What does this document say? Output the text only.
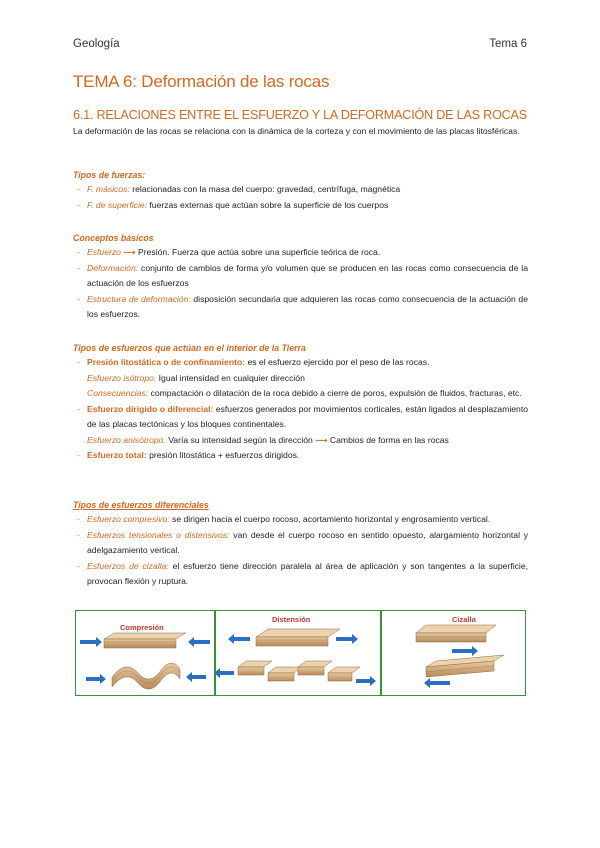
Geología	Tema 6
TEMA 6: Deformación de las rocas
6.1. RELACIONES ENTRE EL ESFUERZO Y LA DEFORMACIÓN DE LAS ROCAS
La deformación de las rocas se relaciona con la dinámica de la corteza y con el movimiento de las placas litosféricas.
Tipos de fuerzas:
- F. másicos: relacionadas con la masa del cuerpo: gravedad, centrífuga, magnética
- F. de superficie: fuerzas externas que actúan sobre la superficie de los cuerpos
Conceptos básicos
- Esfuerzo ⟶ Presión. Fuerza que actúa sobre una superficie teórica de roca.
- Deformación: conjunto de cambios de forma y/o volumen que se producen en las rocas como consecuencia de la actuación de los esfuerzos
- Estructura de deformación: disposición secundaria que adquieren las rocas como consecuencia de la actuación de los esfuerzos.
Tipos de esfuerzos que actúan en el interior de la Tierra
- Presión litostática o de confinamiento: es el esfuerzo ejercido por el peso de las rocas.
Esfuerzo isótropo. Igual intensidad en cualquier dirección
Consecuencias: compactación o dilatación de la roca debido a cierre de poros, expulsión de fluidos, fracturas, etc.
- Esfuerzo dirigido o diferencial: esfuerzos generados por movimientos corticales, están ligados al desplazamiento de las placas tectónicas y los bloques continentales.
Esfuerzo anisótropo. Varía su intensidad según la dirección ⟶ Cambios de forma en las rocas
- Esfuerzo total: presión litostática + esfuerzos dirigidos.
Tipos de esfuerzos diferenciales
- Esfuerzo compresivo: se dirigen hacia el cuerpo rocoso, acortamiento horizontal y engrosamiento vertical.
- Esfuerzos tensionales o distensivos: van desde el cuerpo rocoso en sentido opuesto, alargamiento horizontal y adelgazamiento vertical.
- Esfuerzos de cizalla: el esfuerzo tiene dirección paralela al área de aplicación y son tangentes a la superficie, provocan flexión y ruptura.
Compresión
Distensión	Cizalla
